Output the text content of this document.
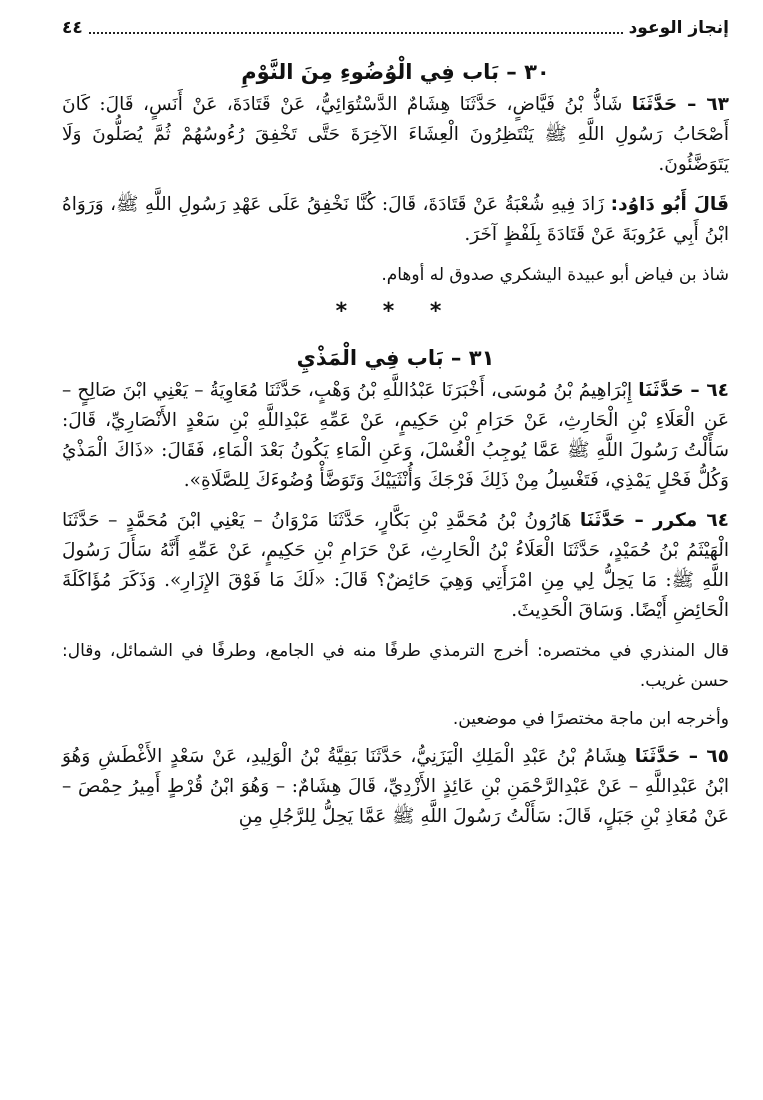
إنجاز الوعود
٤٤
٣٠ – بَاب فِي الْوُضُوءِ مِنَ النَّوْمِ

٦٣ – حَدَّثَنَا شَاذُّ بْنُ فَيَّاضٍ، حَدَّثَنَا هِشَامٌ الدَّسْتُوَائِيُّ، عَنْ قَتَادَةَ، عَنْ أَنَسٍ، قَالَ: كَانَ أَصْحَابُ رَسُولِ اللَّهِ ﷺ يَنْتَظِرُونَ الْعِشَاءَ الآخِرَةَ حَتَّى تَخْفِقَ رُءُوسُهُمْ ثُمَّ يُصَلُّونَ وَلَا يَتَوَضَّئُونَ.

قَالَ أَبُو دَاوُد: زَادَ فِيهِ شُعْبَةُ عَنْ قَتَادَةَ، قَالَ: كُنَّا نَخْفِقُ عَلَى عَهْدِ رَسُولِ اللَّهِ ﷺ، وَرَوَاهُ ابْنُ أَبِي عَرُوبَةَ عَنْ قَتَادَةَ بِلَفْظٍ آخَرَ.

شاذ بن فياض أبو عبيدة اليشكري صدوق له أوهام.

* * *
٣١ – بَاب فِي الْمَذْيِ

٦٤ – حَدَّثَنَا إِبْرَاهِيمُ بْنُ مُوسَى، أَخْبَرَنَا عَبْدُاللَّهِ بْنُ وَهْبٍ، حَدَّثَنَا مُعَاوِيَةُ – يَعْنِي ابْنَ صَالِحٍ – عَنِ الْعَلَاءِ بْنِ الْحَارِثِ، عَنْ حَرَامِ بْنِ حَكِيمٍ، عَنْ عَمِّهِ عَبْدِاللَّهِ بْنِ سَعْدٍ الأَنْصَارِيِّ، قَالَ: سَأَلْتُ رَسُولَ اللَّهِ ﷺ عَمَّا يُوجِبُ الْغُسْلَ، وَعَنِ الْمَاءِ يَكُونُ بَعْدَ الْمَاءِ، فَقَالَ: «ذَاكَ الْمَذْيُ وَكُلُّ فَحْلٍ يَمْذِي، فَتَغْسِلُ مِنْ ذَلِكَ فَرْجَكَ وَأُنْثَيَيْكَ وَتَوَضَّأْ وُضُوءَكَ لِلصَّلَاةِ».

٦٤ مكرر – حَدَّثَنَا هَارُونُ بْنُ مُحَمَّدِ بْنِ بَكَّارٍ، حَدَّثَنَا مَرْوَانُ – يَعْنِي ابْنَ مُحَمَّدٍ – حَدَّثَنَا الْهَيْثَمُ بْنُ حُمَيْدٍ، حَدَّثَنَا الْعَلَاءُ بْنُ الْحَارِثِ، عَنْ حَرَامِ بْنِ حَكِيمٍ، عَنْ عَمِّهِ أَنَّهُ سَأَلَ رَسُولَ اللَّهِ ﷺ: مَا يَحِلُّ لِي مِنِ امْرَأَتِي وَهِيَ حَائِضٌ؟ قَالَ: «لَكَ مَا فَوْقَ الإِزَارِ». وَذَكَرَ مُؤَاكَلَةَ الْحَائِضِ أَيْضًا. وَسَاقَ الْحَدِيثَ.

قال المنذري في مختصره: أخرج الترمذي طرفًا منه في الجامع، وطرفًا في الشمائل، وقال: حسن غريب.

وأخرجه ابن ماجة مختصرًا في موضعين.

٦٥ – حَدَّثَنَا هِشَامُ بْنُ عَبْدِ الْمَلِكِ الْيَزَنِيُّ، حَدَّثَنَا بَقِيَّةُ بْنُ الْوَلِيدِ، عَنْ سَعْدٍ الأَغْطَشِ وَهُوَ ابْنُ عَبْدِاللَّهِ – عَنْ عَبْدِالرَّحْمَنِ بْنِ عَائِذٍ الأَزْدِيِّ، قَالَ هِشَامٌ: – وَهُوَ ابْنُ قُرْطٍ أَمِيرُ حِمْصَ – عَنْ مُعَاذِ بْنِ جَبَلٍ، قَالَ: سَأَلْتُ رَسُولَ اللَّهِ ﷺ عَمَّا يَحِلُّ لِلرَّجُلِ مِنِ
